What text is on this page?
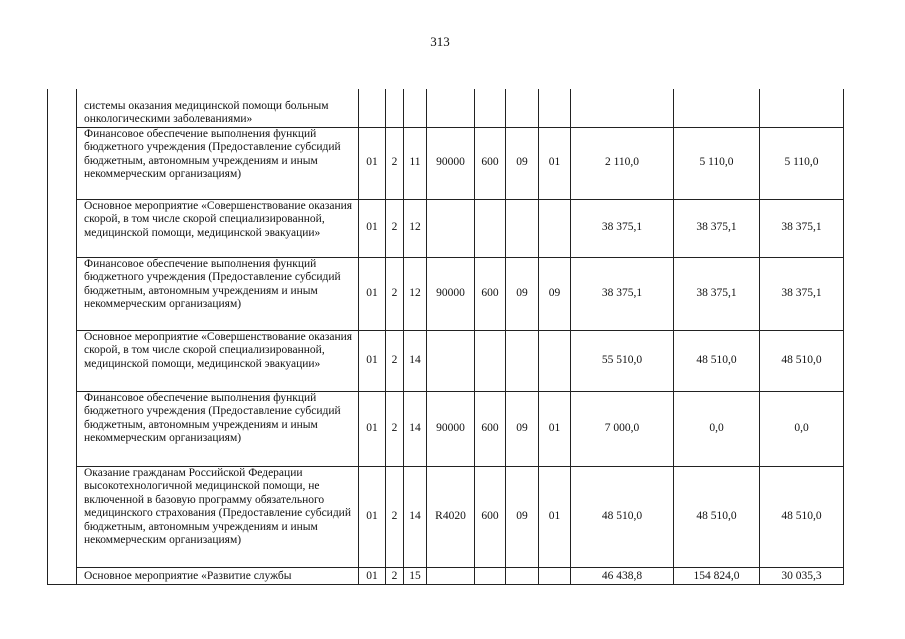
313
	системы оказания медицинской помощи больным онкологическими заболеваниями»										
	Финансовое обеспечение выполнения функций бюджетного учреждения (Предоставление субсидий бюджетным, автономным учреждениям и иным некоммерческим организациям)	01	2	11	90000	600	09	01	2 110,0	5 110,0	5 110,0
	Основное мероприятие «Совершенствование оказания скорой, в том числе скорой специализированной, медицинской помощи, медицинской эвакуации»	01	2	12					38 375,1	38 375,1	38 375,1
	Финансовое обеспечение выполнения функций бюджетного учреждения (Предоставление субсидий бюджетным, автономным учреждениям и иным некоммерческим организациям)	01	2	12	90000	600	09	09	38 375,1	38 375,1	38 375,1
	Основное мероприятие «Совершенствование оказания скорой, в том числе скорой специализированной, медицинской помощи, медицинской эвакуации»	01	2	14					55 510,0	48 510,0	48 510,0
	Финансовое обеспечение выполнения функций бюджетного учреждения (Предоставление субсидий бюджетным, автономным учреждениям и иным некоммерческим организациям)	01	2	14	90000	600	09	01	7 000,0	0,0	0,0
	Оказание гражданам Российской Федерации высокотехнологичной медицинской помощи, не включенной в базовую программу обязательного медицинского страхования (Предоставление субсидий бюджетным, автономным учреждениям и иным некоммерческим организациям)	01	2	14	R4020	600	09	01	48 510,0	48 510,0	48 510,0
	Основное мероприятие «Развитие службы	01	2	15					46 438,8	154 824,0	30 035,3
